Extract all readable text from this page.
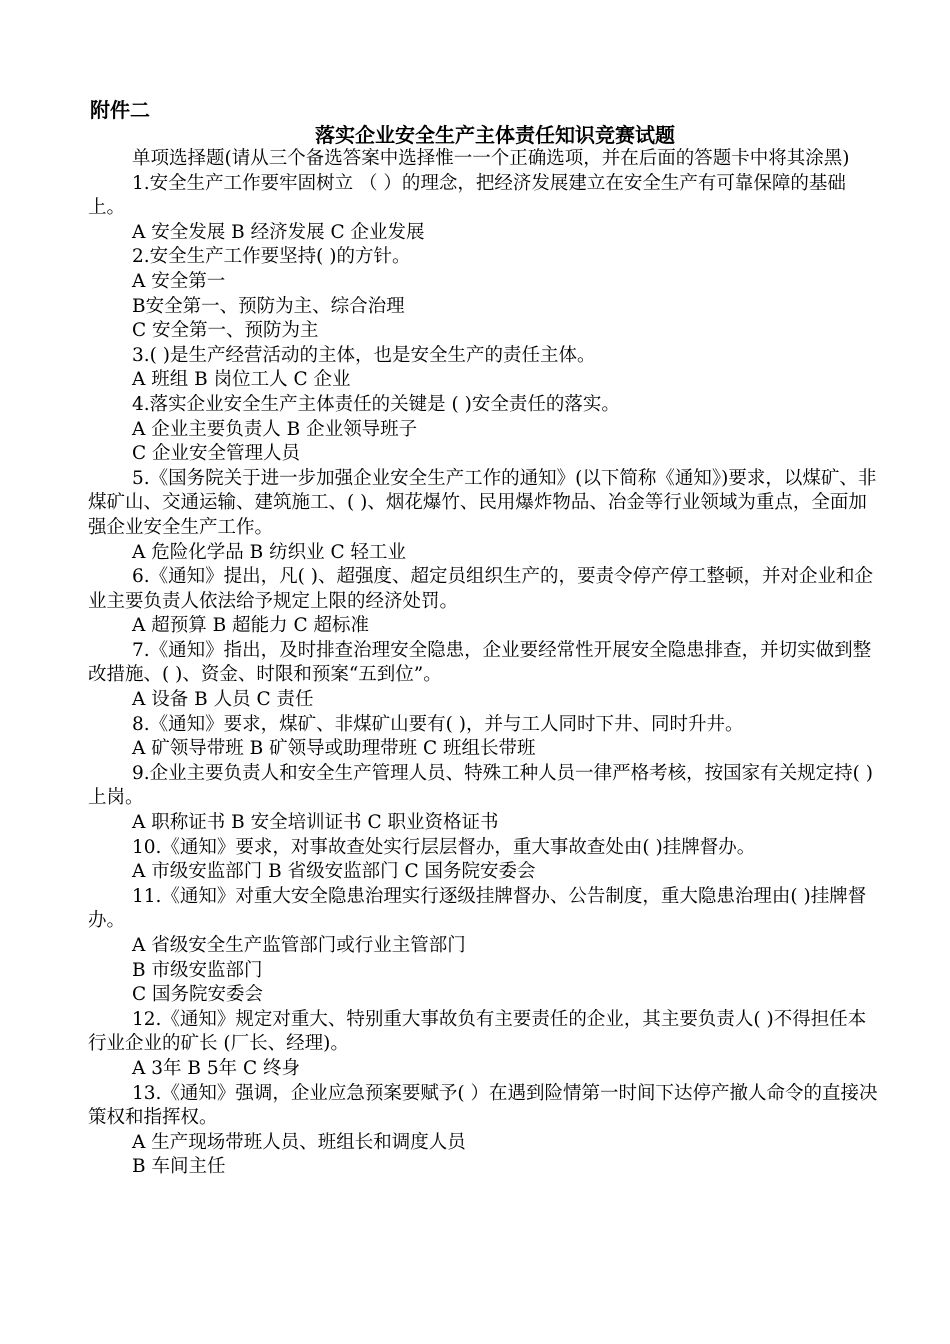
附件二
落实企业安全生产主体责任知识竞赛试题

单项选择题(请从三个备选答案中选择惟一一个正确选项，并在后面的答题卡中将其涂黑)

1.安全生产工作要牢固树立 （ ）的理念，把经济发展建立在安全生产有可靠保障的基础上。

A 安全发展 B 经济发展 C 企业发展

2.安全生产工作要坚持( )的方针。

A 安全第一

B安全第一、预防为主、综合治理

C 安全第一、预防为主

3.( )是生产经营活动的主体，也是安全生产的责任主体。

A 班组 B 岗位工人 C 企业

4.落实企业安全生产主体责任的关键是 ( )安全责任的落实。

A 企业主要负责人 B 企业领导班子

C 企业安全管理人员

5.《国务院关于进一步加强企业安全生产工作的通知》(以下简称《通知》)要求，以煤矿、非煤矿山、交通运输、建筑施工、( )、烟花爆竹、民用爆炸物品、冶金等行业领域为重点，全面加强企业安全生产工作。

A 危险化学品 B 纺织业 C 轻工业

6.《通知》提出，凡( )、超强度、超定员组织生产的，要责令停产停工整顿，并对企业和企业主要负责人依法给予规定上限的经济处罚。

A 超预算 B 超能力 C 超标准

7.《通知》指出，及时排查治理安全隐患，企业要经常性开展安全隐患排查，并切实做到整改措施、( )、资金、时限和预案“五到位”。

A 设备 B 人员 C 责任

8.《通知》要求，煤矿、非煤矿山要有( )，并与工人同时下井、同时升井。

A 矿领导带班 B 矿领导或助理带班 C 班组长带班

9.企业主要负责人和安全生产管理人员、特殊工种人员一律严格考核，按国家有关规定持( )上岗。

A 职称证书 B 安全培训证书 C 职业资格证书

10.《通知》要求，对事故查处实行层层督办，重大事故查处由( )挂牌督办。

A 市级安监部门 B 省级安监部门 C 国务院安委会

11.《通知》对重大安全隐患治理实行逐级挂牌督办、公告制度，重大隐患治理由( )挂牌督办。

A 省级安全生产监管部门或行业主管部门

B 市级安监部门

C 国务院安委会

12.《通知》规定对重大、特别重大事故负有主要责任的企业，其主要负责人( )不得担任本行业企业的矿长 (厂长、经理)。

A 3年 B 5年 C 终身

13.《通知》强调，企业应急预案要赋予( ）在遇到险情第一时间下达停产撤人命令的直接决策权和指挥权。

A 生产现场带班人员、班组长和调度人员

B 车间主任
